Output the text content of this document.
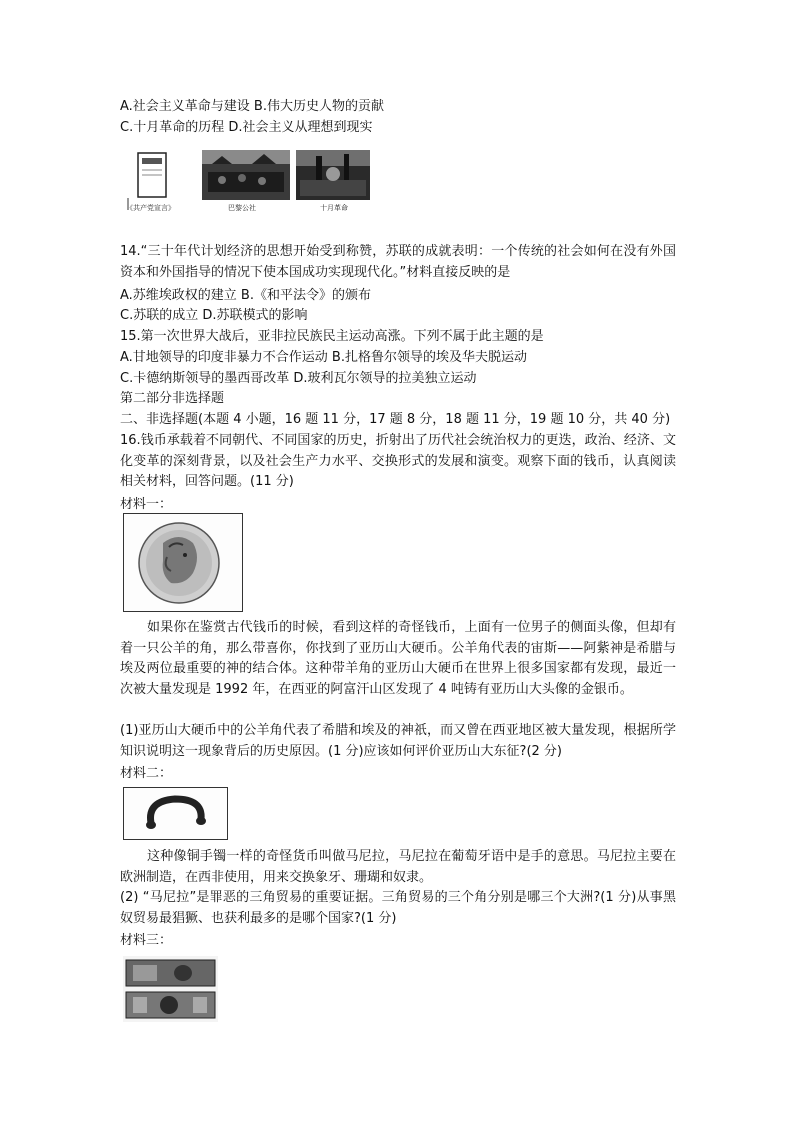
A.社会主义革命与建设 B.伟大历史人物的贡献
C.十月革命的历程 D.社会主义从理想到现实
《共产党宣言》	巴黎公社	十月革命
14.“三十年代计划经济的思想开始受到称赞，苏联的成就表明：一个传统的社会如何在没有外国资本和外国指导的情况下使本国成功实现现代化。”材料直接反映的是
A.苏维埃政权的建立 B.《和平法令》的颁布
C.苏联的成立 D.苏联模式的影响
15.第一次世界大战后，亚非拉民族民主运动高涨。下列不属于此主题的是
A.甘地领导的印度非暴力不合作运动 B.扎格鲁尔领导的埃及华夫脱运动
C.卡德纳斯领导的墨西哥改革 D.玻利瓦尔领导的拉美独立运动
第二部分非选择题
二、非选择题(本题 4 小题，16 题 11 分，17 题 8 分，18 题 11 分，19 题 10 分，共 40 分)
16.钱币承载着不同朝代、不同国家的历史，折射出了历代社会统治权力的更迭，政治、经济、文化变革的深刻背景，以及社会生产力水平、交换形式的发展和演变。观察下面的钱币，认真阅读相关材料，回答问题。(11 分)
材料一：
如果你在鉴赏古代钱币的时候，看到这样的奇怪钱币，上面有一位男子的侧面头像，但却有着一只公羊的角，那么带喜你，你找到了亚历山大硬币。公羊角代表的宙斯——阿紫神是希腊与埃及两位最重要的神的结合体。这种带羊角的亚历山大硬币在世界上很多国家都有发现，最近一次被大量发现是 1992 年，在西亚的阿富汗山区发现了 4 吨铸有亚历山大头像的金银币。
(1)亚历山大硬币中的公羊角代表了希腊和埃及的神祇，而又曾在西亚地区被大量发现，根据所学知识说明这一现象背后的历史原因。(1 分)应该如何评价亚历山大东征?(2 分)
材料二：
这种像铜手镯一样的奇怪货币叫做马尼拉，马尼拉在葡萄牙语中是手的意思。马尼拉主要在欧洲制造，在西非使用，用来交换象牙、珊瑚和奴隶。
(2) “马尼拉”是罪恶的三角贸易的重要证据。三角贸易的三个角分别是哪三个大洲?(1 分)从事黑奴贸易最猖獗、也获利最多的是哪个国家?(1 分)
材料三：
